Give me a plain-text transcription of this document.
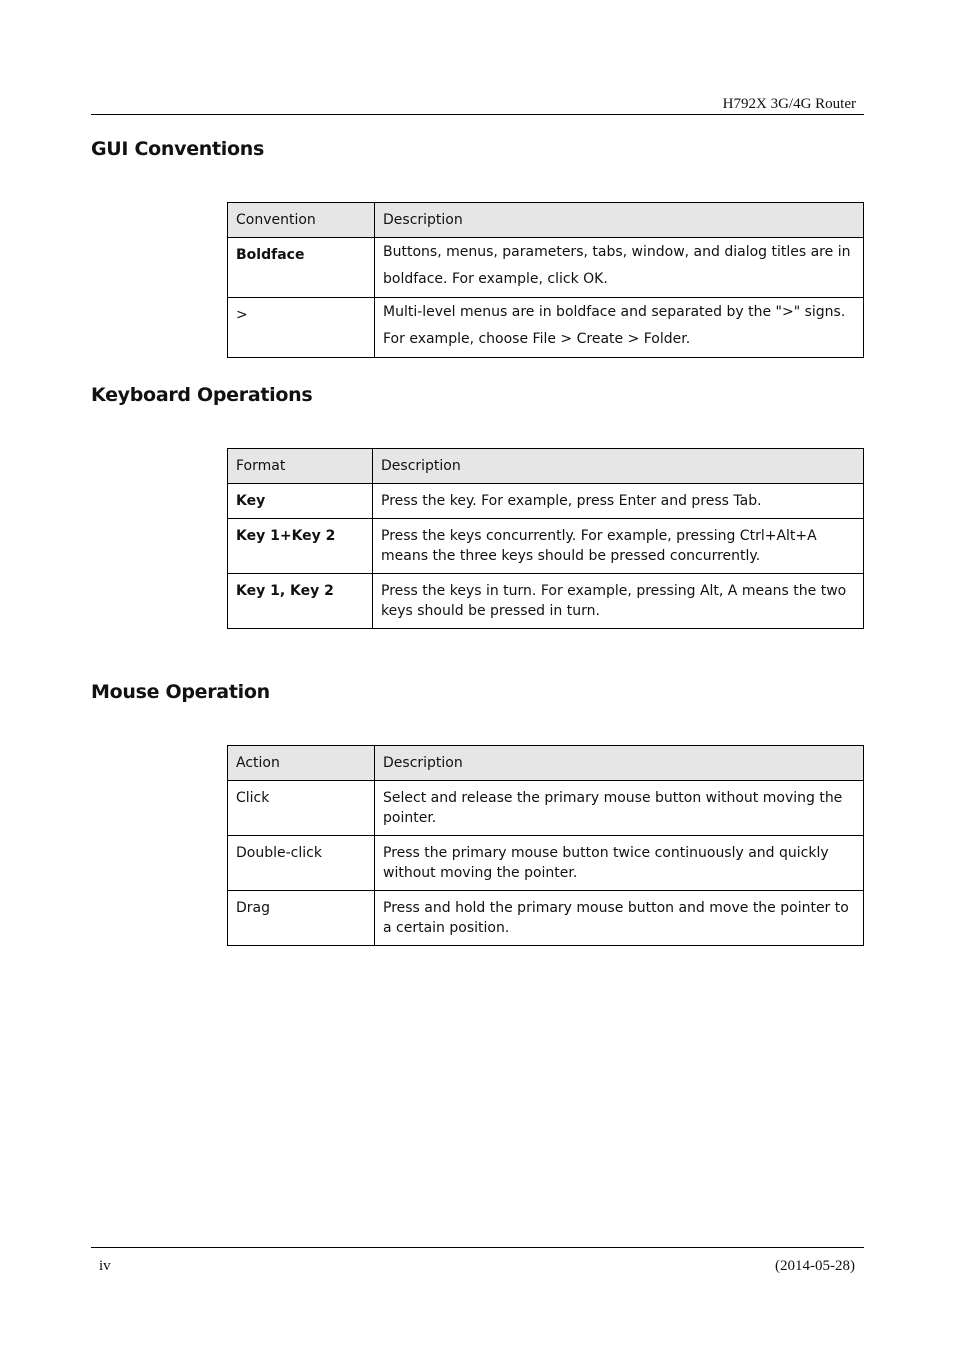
H792X 3G/4G Router
GUI Conventions
Convention	Description
Boldface	Buttons, menus, parameters, tabs, window, and dialog titles are in boldface. For example, click OK.
>	Multi-level menus are in boldface and separated by the ">" signs. For example, choose File > Create > Folder.
Keyboard Operations
Format	Description
Key	Press the key. For example, press Enter and press Tab.
Key 1+Key 2	Press the keys concurrently. For example, pressing Ctrl+Alt+A means the three keys should be pressed concurrently.
Key 1, Key 2	Press the keys in turn. For example, pressing Alt, A means the two keys should be pressed in turn.
Mouse Operation
Action	Description
Click	Select and release the primary mouse button without moving the pointer.
Double-click	Press the primary mouse button twice continuously and quickly without moving the pointer.
Drag	Press and hold the primary mouse button and move the pointer to a certain position.
iv	(2014-05-28)
